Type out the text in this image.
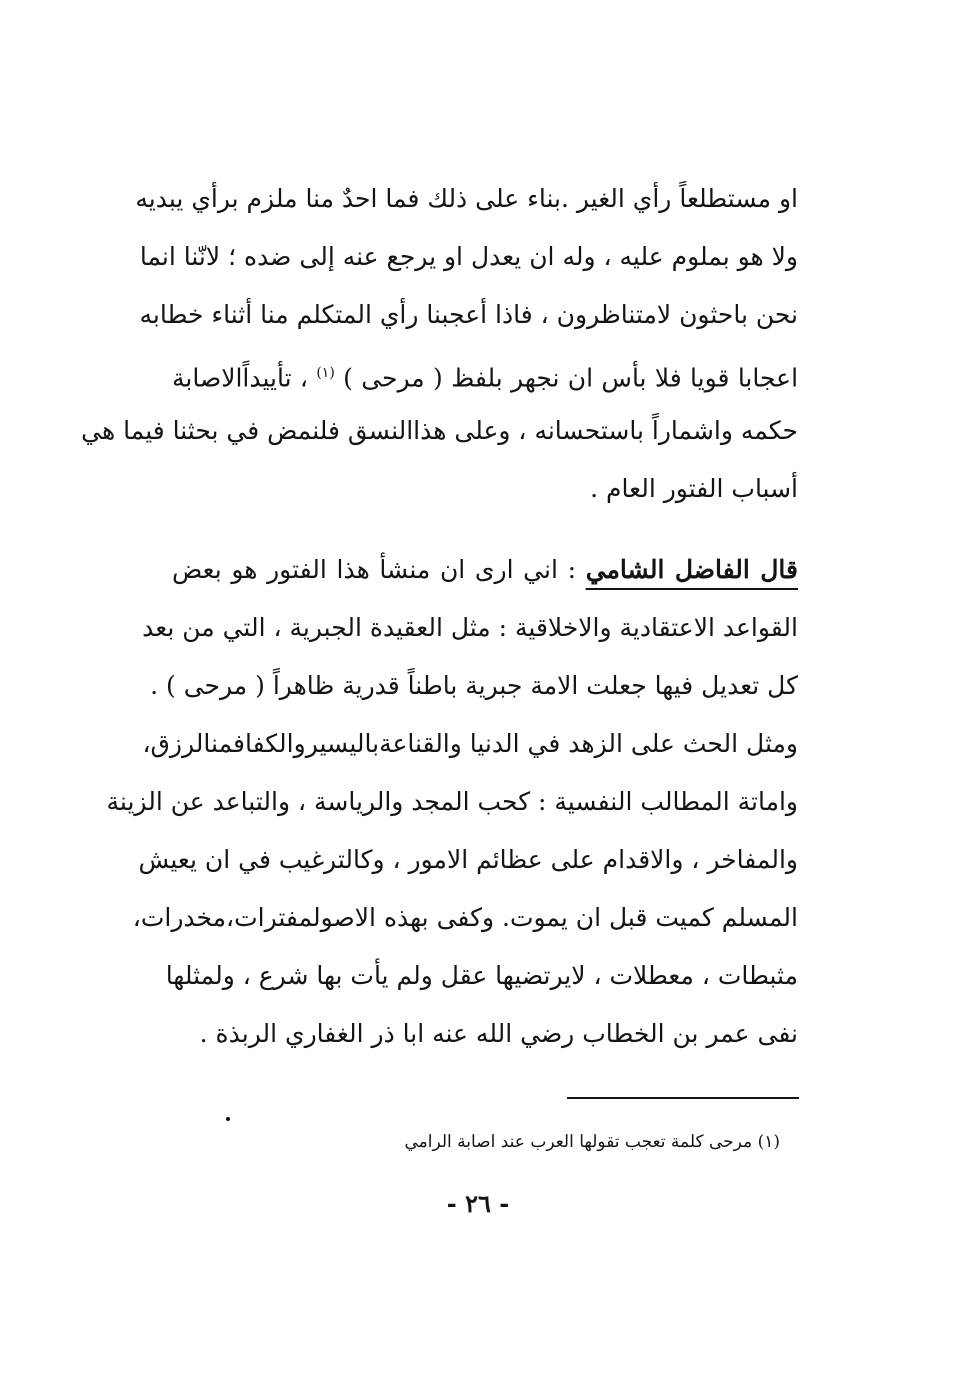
او مستطلعاً رأي الغير .بناء على ذلك فما احدٌ منا ملزم برأي يبديه
ولا هو بملوم عليه ، وله ان يعدل او يرجع عنه إلى ضده ؛ لانّنا انما
نحن باحثون لامتناظرون ، فاذا أعجبنا رأي المتكلم منا أثناء خطابه
اعجابا قويا فلا بأس ان نجهر بلفظ ( مرحى ) $^{(١)}$ ، تأييداًالاصابة
حكمه واشماراً باستحسانه ، وعلى هذاالنسق فلنمض في بحثنا فيما هي
أسباب الفتور العام .
قال الفاضل الشامي : اني ارى ان منشأ هذا الفتور هو بعض
القواعد الاعتقادية والاخلاقية : مثل العقيدة الجبرية ، التي من بعد
كل تعديل فيها جعلت الامة جبرية باطناً قدرية ظاهراً ( مرحى ) .
ومثل الحث على الزهد في الدنيا والقناعةباليسيروالكفافمنالرزق،
واماتة المطالب النفسية : كحب المجد والرياسة ، والتباعد عن الزينة
والمفاخر ، والاقدام على عظائم الامور ، وكالترغيب في ان يعيش
المسلم كميت قبل ان يموت. وكفى بهذه الاصولمفترات،مخدرات،
مثبطات ، معطلات ، لايرتضيها عقل ولم يأت بها شرع ، ولمثلها
نفى عمر بن الخطاب رضي الله عنه ابا ذر الغفاري الربذة .
(١) مرحى كلمة تعجب تقولها العرب عند اصابة الرامي
- ٢٦ -
